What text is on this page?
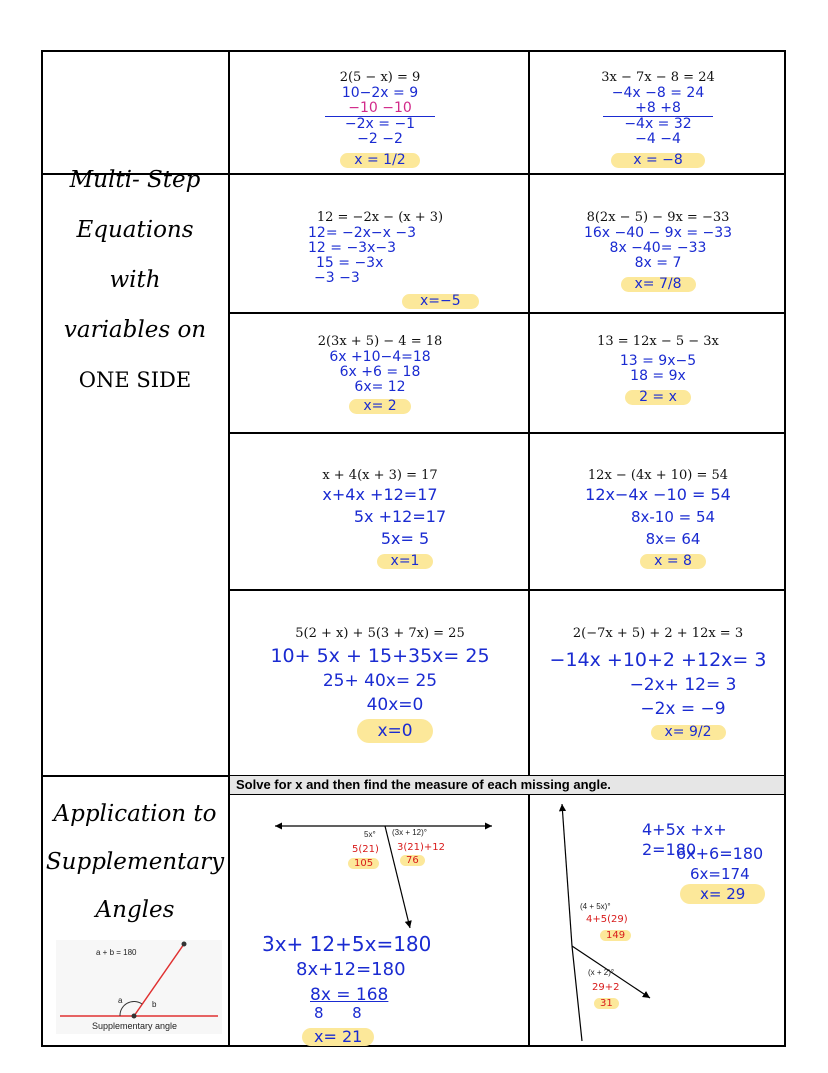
Multi- Step
Equations
with
variables on
ONE SIDE
Application to
Supplementary
Angles
2(5 − x) = 9
10−2x = 9
−10 −10
−2x = −1
−2 −2
x = 1/2
3x − 7x − 8 = 24
−4x −8 = 24
+8 +8
−4x = 32
−4 −4
x = −8
12 = −2x − (x + 3)
12= −2x−x −3
12 = −3x−3
15 = −3x
−3 −3
x=−5
8(2x − 5) − 9x = −33
16x −40 − 9x = −33
8x −40= −33
8x = 7
x= 7/8
2(3x + 5) − 4 = 18
6x +10−4=18
6x +6 = 18
6x= 12
x= 2
13 = 12x − 5 − 3x
13 = 9x−5
18 = 9x
2 = x
x + 4(x + 3) = 17
x+4x +12=17
5x +12=17
5x= 5
x=1
12x − (4x + 10) = 54
12x−4x −10 = 54
8x-10 = 54
8x= 64
x = 8
5(2 + x) + 5(3 + 7x) = 25
10+ 5x + 15+35x= 25
25+ 40x= 25
40x=0
x=0
2(−7x + 5) + 2 + 12x = 3
−14x +10+2 +12x= 3
−2x+ 12= 3
−2x = −9
x= 9/2
Solve for x and then find the measure of each missing angle.
5x° (3x + 12)°
5(21) 3(21)+12
105	76
3x+ 12+5x=180
8x+12=180
8x = 168
8      8
x= 21
(4 + 5x)°
4+5(29)
149
(x + 2)°
29+2
31
4+5x +x+ 2=180
6x+6=180
6x=174
x= 29
a + b = 180
a	b
Supplementary angle
